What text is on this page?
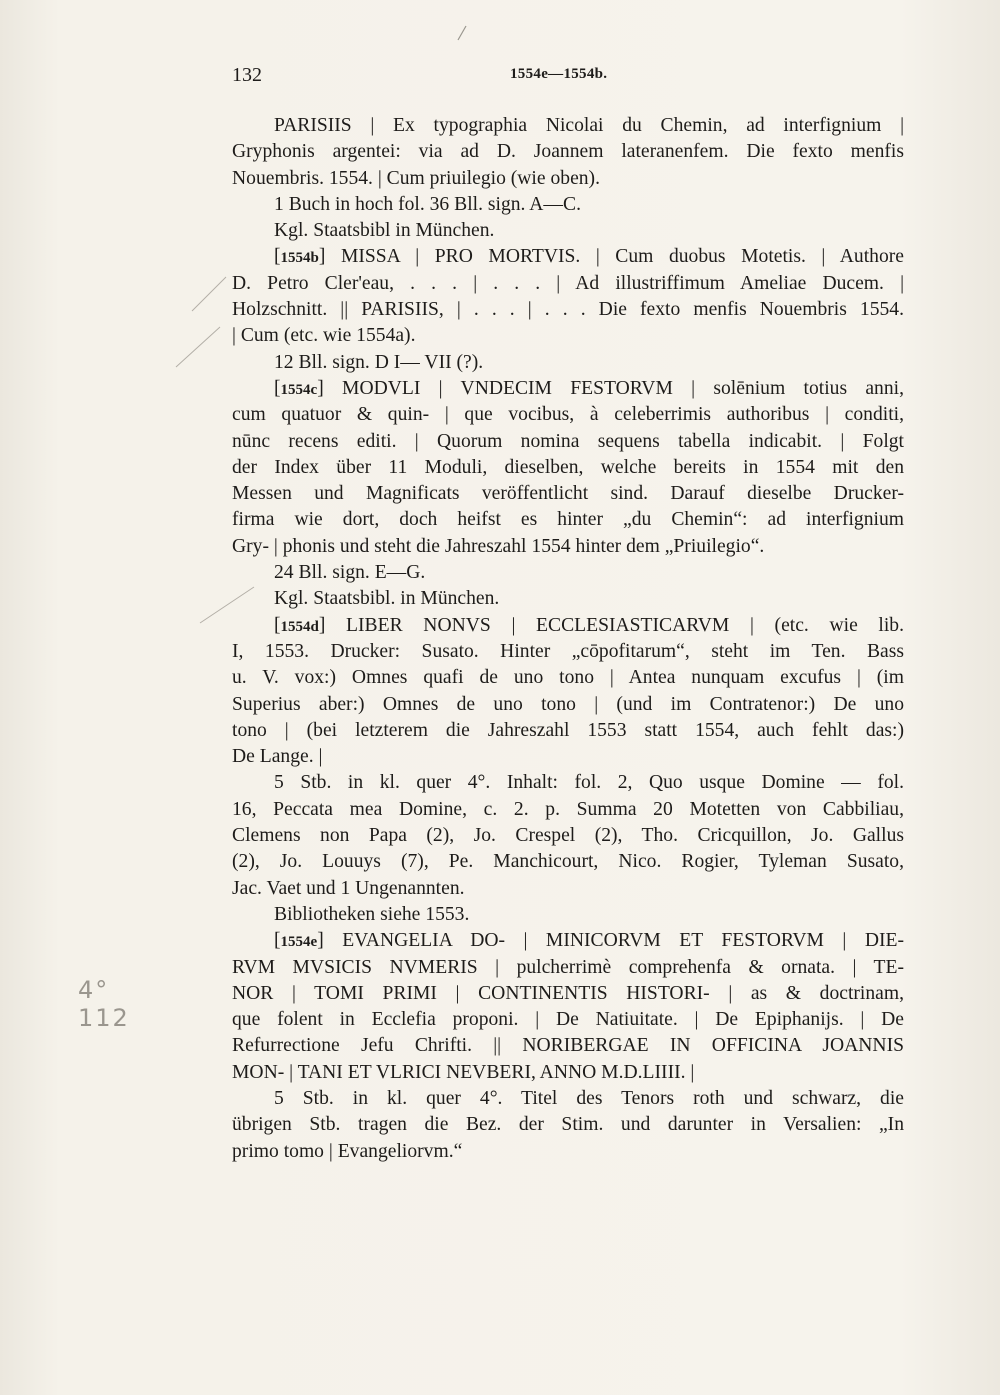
132	1554e—1554b.
PARISIIS | Ex typographia Nicolai du Chemin, ad interfignium |
Gryphonis argentei: via ad D. Joannem lateranenfem. Die fexto menfis
Nouembris. 1554. | Cum priuilegio (wie oben).
1 Buch in hoch fol. 36 Bll. sign. A—C.
Kgl. Staatsbibl in München.
[1554b] MISSA | PRO MORTVIS. | Cum duobus Motetis. | Authore
D. Petro Cler'eau, . . . | . . . | Ad illustriffimum Ameliae Ducem. |
Holzschnitt. || PARISIIS, | . . . | . . . Die fexto menfis Nouembris 1554.
| Cum (etc. wie 1554a).
12 Bll. sign. D I— VII (?).
[1554c] MODVLI | VNDECIM FESTORVM | solēnium totius anni,
cum quatuor & quin- | que vocibus, à celeberrimis authoribus | conditi,
nūnc recens editi. | Quorum nomina sequens tabella indicabit. | Folgt
der Index über 11 Moduli, dieselben, welche bereits in 1554 mit den
Messen und Magnificats veröffentlicht sind. Darauf dieselbe Drucker-
firma wie dort, doch heifst es hinter „du Chemin“: ad interfignium
Gry- | phonis und steht die Jahreszahl 1554 hinter dem „Priuilegio“.
24 Bll. sign. E—G.
Kgl. Staatsbibl. in München.
[1554d] LIBER NONVS | ECCLESIASTICARVM | (etc. wie lib.
I, 1553. Drucker: Susato. Hinter „cōpofitarum“, steht im Ten. Bass
u. V. vox:) Omnes quafi de uno tono | Antea nunquam excufus | (im
Superius aber:) Omnes de uno tono | (und im Contratenor:) De uno
tono | (bei letzterem die Jahreszahl 1553 statt 1554, auch fehlt das:)
De Lange. |
5 Stb. in kl. quer 4°. Inhalt: fol. 2, Quo usque Domine — fol.
16, Peccata mea Domine, c. 2. p. Summa 20 Motetten von Cabbiliau,
Clemens non Papa (2), Jo. Crespel (2), Tho. Cricquillon, Jo. Gallus
(2), Jo. Louuys (7), Pe. Manchicourt, Nico. Rogier, Tyleman Susato,
Jac. Vaet und 1 Ungenannten.
Bibliotheken siehe 1553.
[1554e] EVANGELIA DO- | MINICORVM ET FESTORVM | DIE-
RVM MVSICIS NVMERIS | pulcherrimè comprehenfa & ornata. | TE-
NOR | TOMI PRIMI | CONTINENTIS HISTORI- | as & doctrinam,
que folent in Ecclefia proponi. | De Natiuitate. | De Epiphanijs. | De
Refurrectione Jefu Chrifti. || NORIBERGAE IN OFFICINA JOANNIS
MON- | TANI ET VLRICI NEVBERI, ANNO M.D.LIIII. |
5 Stb. in kl. quer 4°. Titel des Tenors roth und schwarz, die
übrigen Stb. tragen die Bez. der Stim. und darunter in Versalien: „In
primo tomo | Evangeliorvm.“
4° 112
